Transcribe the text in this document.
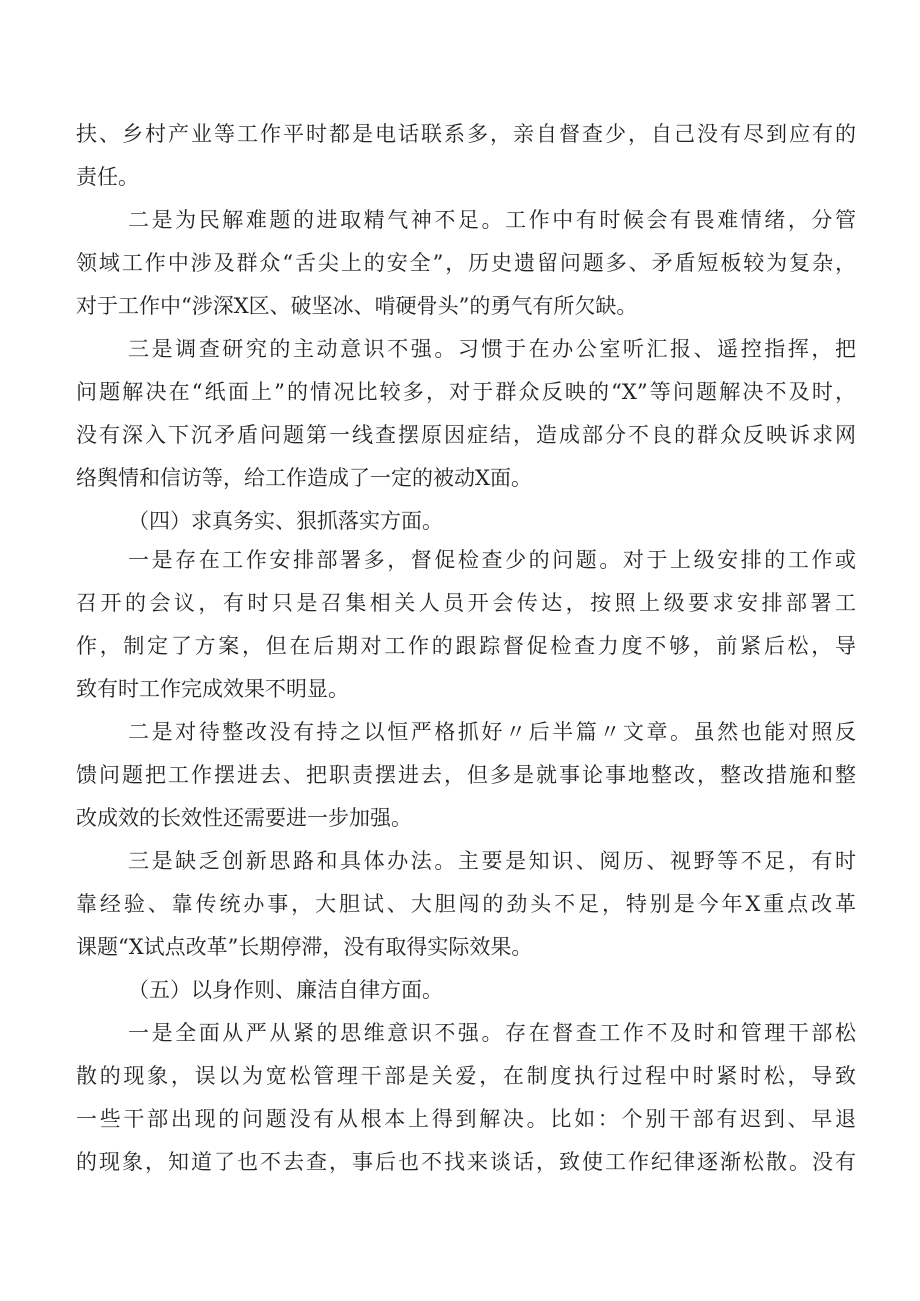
扶、乡村产业等工作平时都是电话联系多，亲自督查少，自己没有尽到应有的
责任。
二是为民解难题的进取精气神不足。工作中有时候会有畏难情绪，分管
领域工作中涉及群众“舌尖上的安全”，历史遗留问题多、矛盾短板较为复杂，
对于工作中“涉深X区、破坚冰、啃硬骨头”的勇气有所欠缺。
三是调查研究的主动意识不强。习惯于在办公室听汇报、遥控指挥，把
问题解决在“纸面上”的情况比较多，对于群众反映的“X”等问题解决不及时，
没有深入下沉矛盾问题第一线查摆原因症结，造成部分不良的群众反映诉求网
络舆情和信访等，给工作造成了一定的被动X面。
（四）求真务实、狠抓落实方面。
一是存在工作安排部署多，督促检查少的问题。对于上级安排的工作或
召开的会议，有时只是召集相关人员开会传达，按照上级要求安排部署工
作，制定了方案，但在后期对工作的跟踪督促检查力度不够，前紧后松，导
致有时工作完成效果不明显。
二是对待整改没有持之以恒严格抓好〃后半篇〃文章。虽然也能对照反
馈问题把工作摆进去、把职责摆进去，但多是就事论事地整改，整改措施和整
改成效的长效性还需要进一步加强。
三是缺乏创新思路和具体办法。主要是知识、阅历、视野等不足，有时
靠经验、靠传统办事，大胆试、大胆闯的劲头不足，特别是今年X重点改革
课题“X试点改革”长期停滞，没有取得实际效果。
（五）以身作则、廉洁自律方面。
一是全面从严从紧的思维意识不强。存在督查工作不及时和管理干部松
散的现象，误以为宽松管理干部是关爱，在制度执行过程中时紧时松，导致
一些干部出现的问题没有从根本上得到解决。比如：个别干部有迟到、早退
的现象，知道了也不去查，事后也不找来谈话，致使工作纪律逐渐松散。没有
